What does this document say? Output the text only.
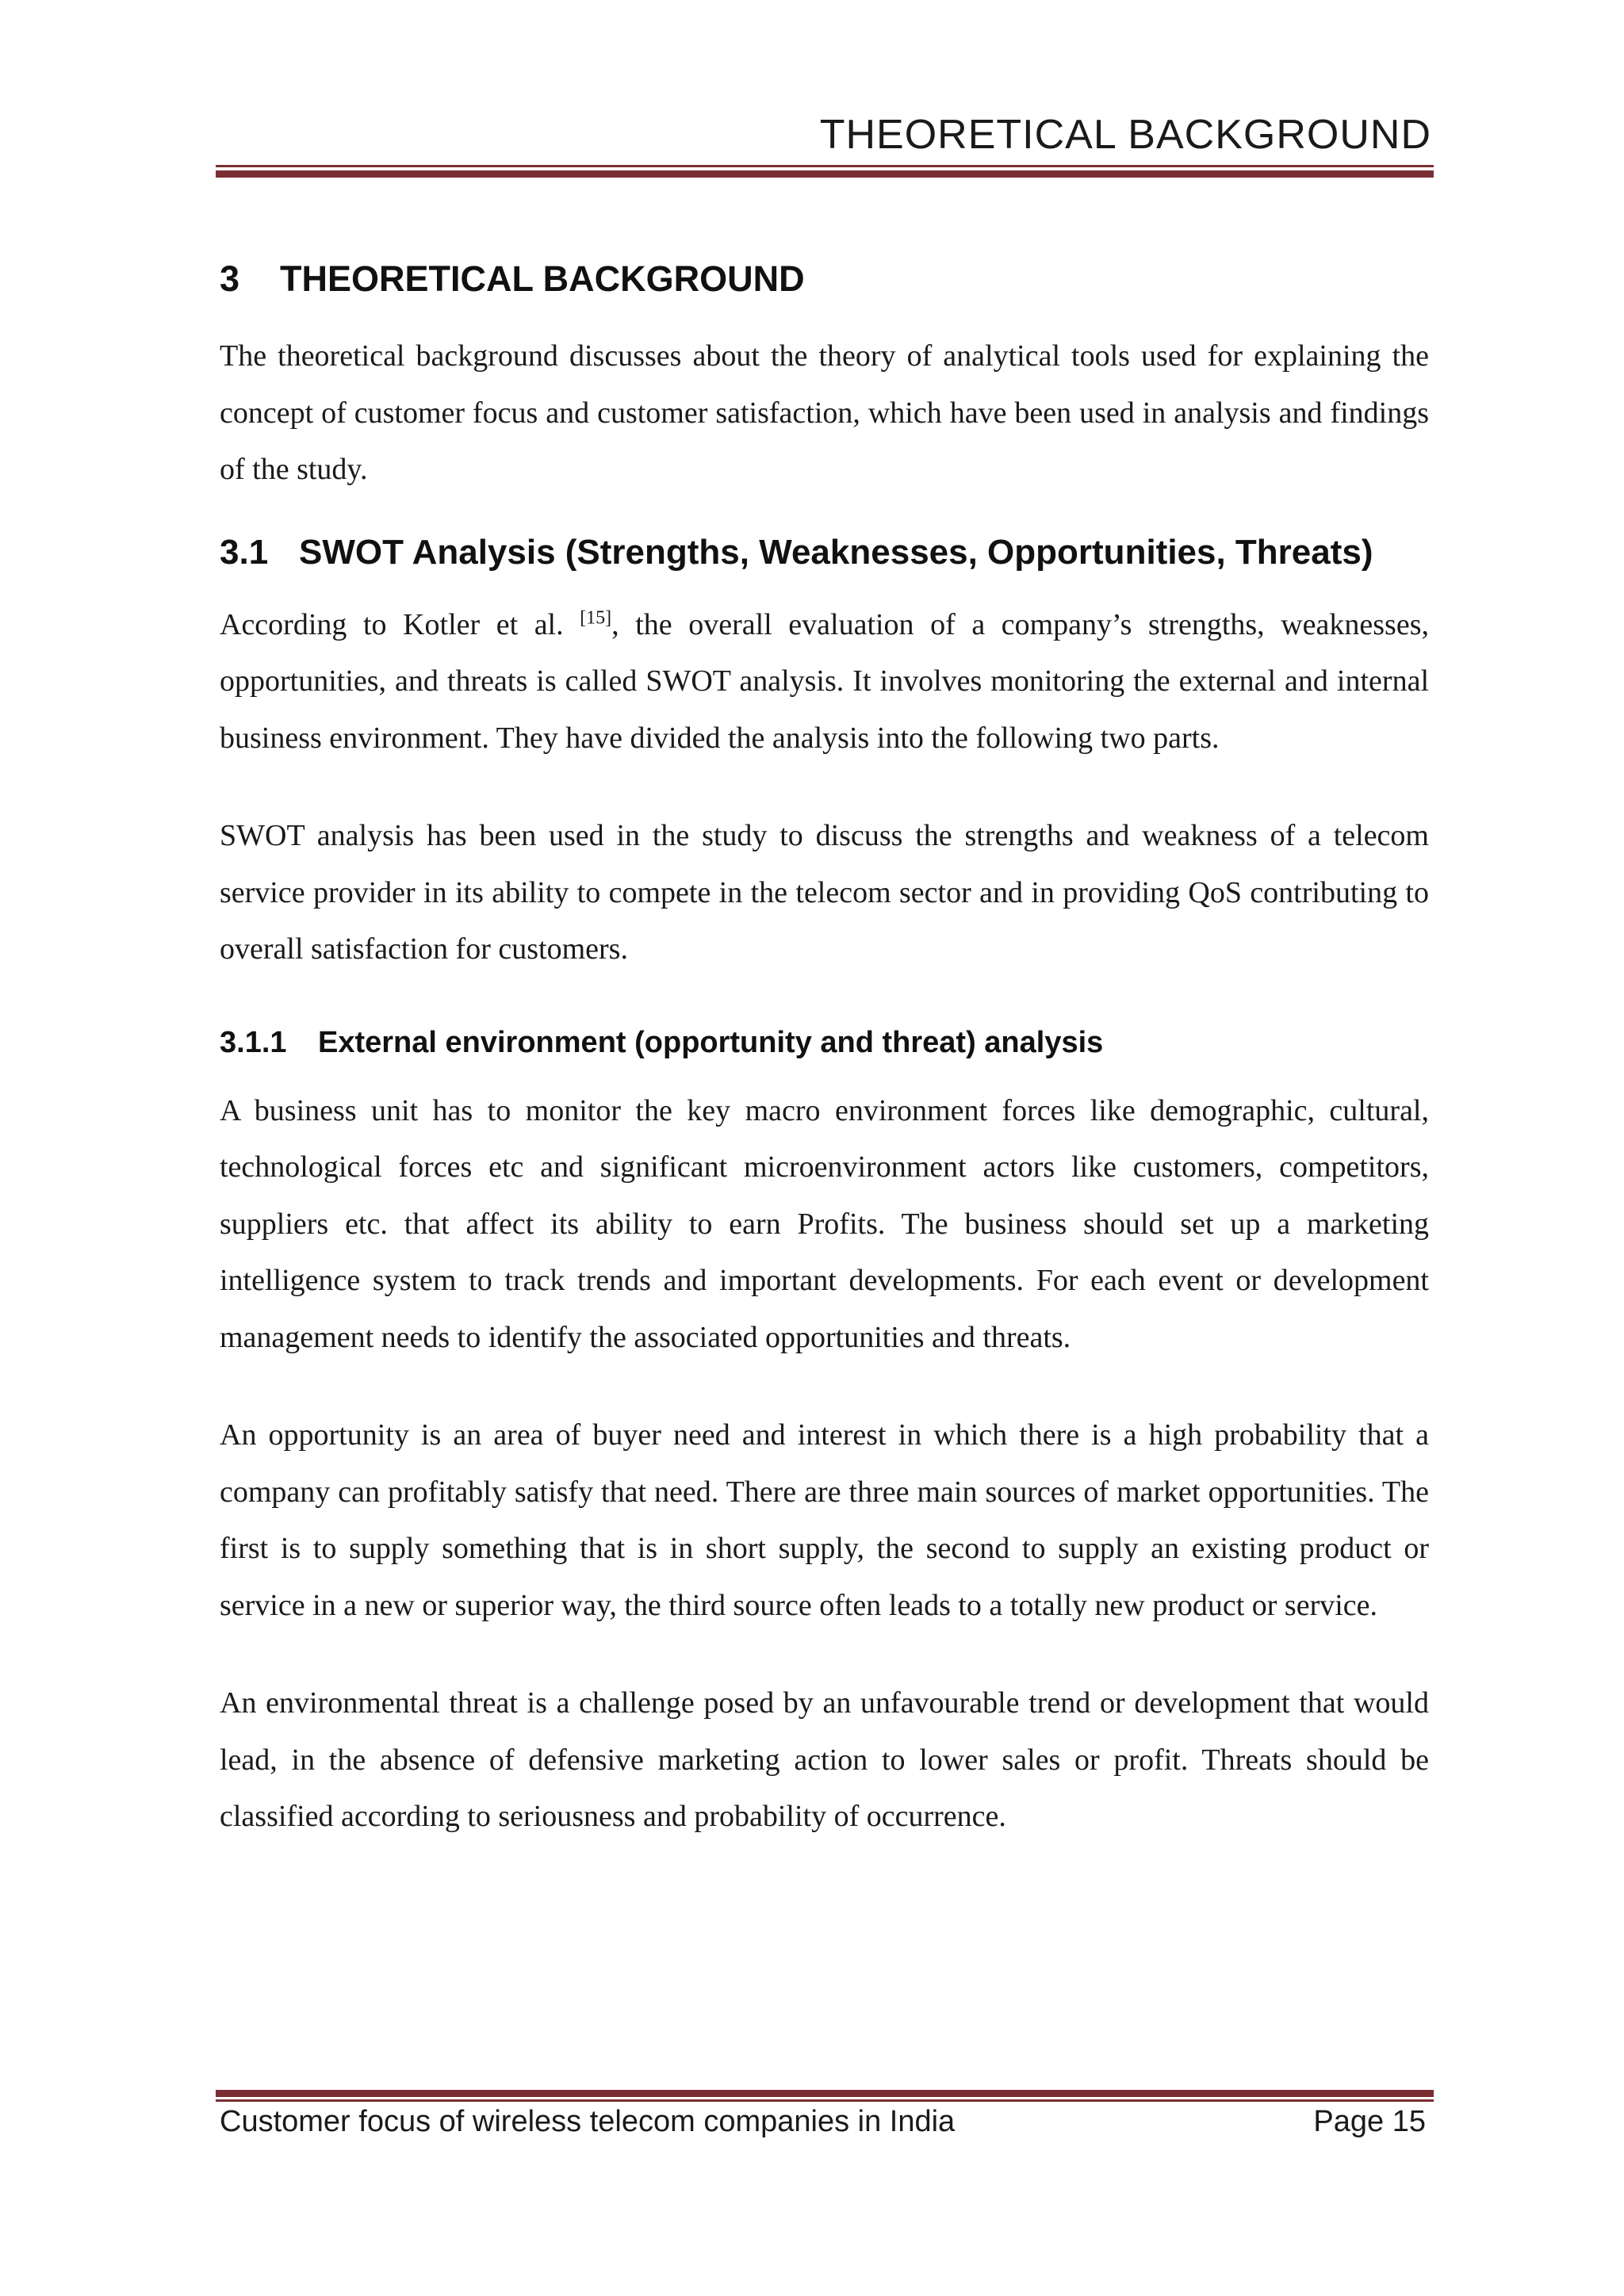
THEORETICAL BACKGROUND
3	THEORETICAL BACKGROUND

The theoretical background discusses about the theory of analytical tools used for explaining the concept of customer focus and customer satisfaction, which have been used in analysis and findings of the study.

3.1 SWOT Analysis (Strengths, Weaknesses, Opportunities, Threats)

According to Kotler et al. [15], the overall evaluation of a company’s strengths, weaknesses, opportunities, and threats is called SWOT analysis. It involves monitoring the external and internal business environment. They have divided the analysis into the following two parts.

SWOT analysis has been used in the study to discuss the strengths and weakness of a telecom service provider in its ability to compete in the telecom sector and in providing QoS contributing to overall satisfaction for customers.

3.1.1	External environment (opportunity and threat) analysis

A business unit has to monitor the key macro environment forces like demographic, cultural, technological forces etc and significant microenvironment actors like customers, competitors, suppliers etc. that affect its ability to earn Profits. The business should set up a marketing intelligence system to track trends and important developments. For each event or development management needs to identify the associated opportunities and threats.

An opportunity is an area of buyer need and interest in which there is a high probability that a company can profitably satisfy that need. There are three main sources of market opportunities. The first is to supply something that is in short supply, the second to supply an existing product or service in a new or superior way, the third source often leads to a totally new product or service.

An environmental threat is a challenge posed by an unfavourable trend or development that would lead, in the absence of defensive marketing action to lower sales or profit. Threats should be classified according to seriousness and probability of occurrence.

Customer focus of wireless telecom companies in India	Page 15
